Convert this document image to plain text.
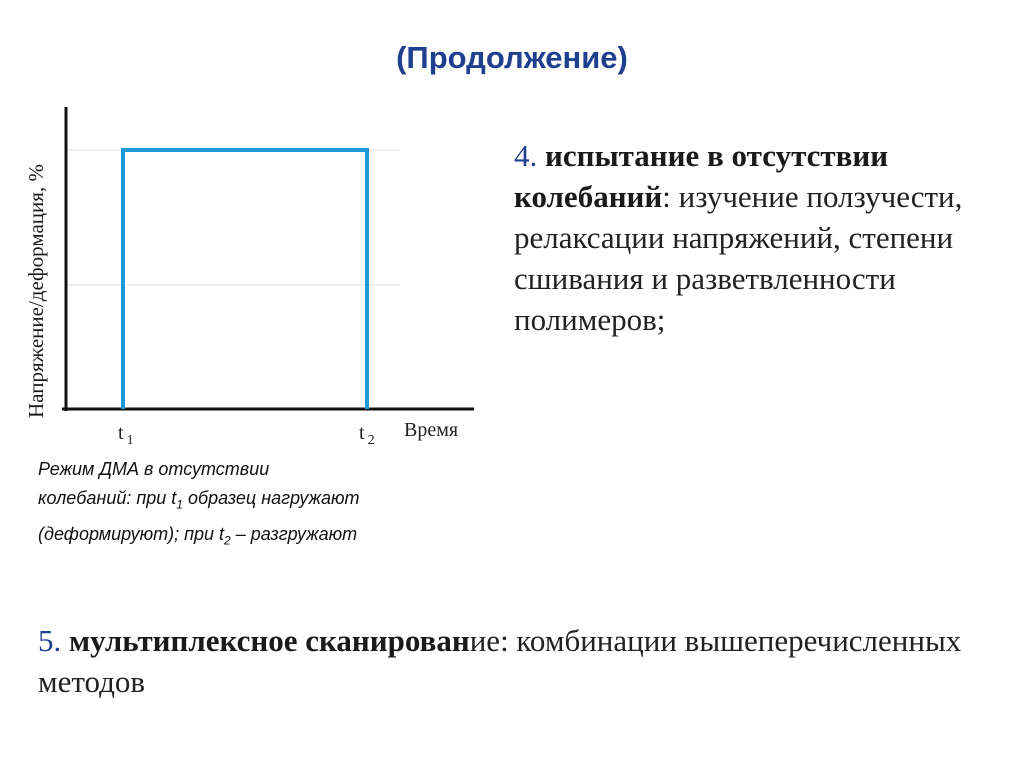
(Продолжение)
t $_1$	t $_2$ Время
Напряжение/деформация, %
Режим ДМА в отсутствии
колебаний: при $t_1$ образец нагружают
(деформируют); при $t_2$ – разгружают
4. испытание в отсутствии колебаний: изучение ползучести, релаксации напряжений, степени сшивания и разветвленности полимеров;
5. мультиплексное сканирование: комбинации вышеперечисленных методов
